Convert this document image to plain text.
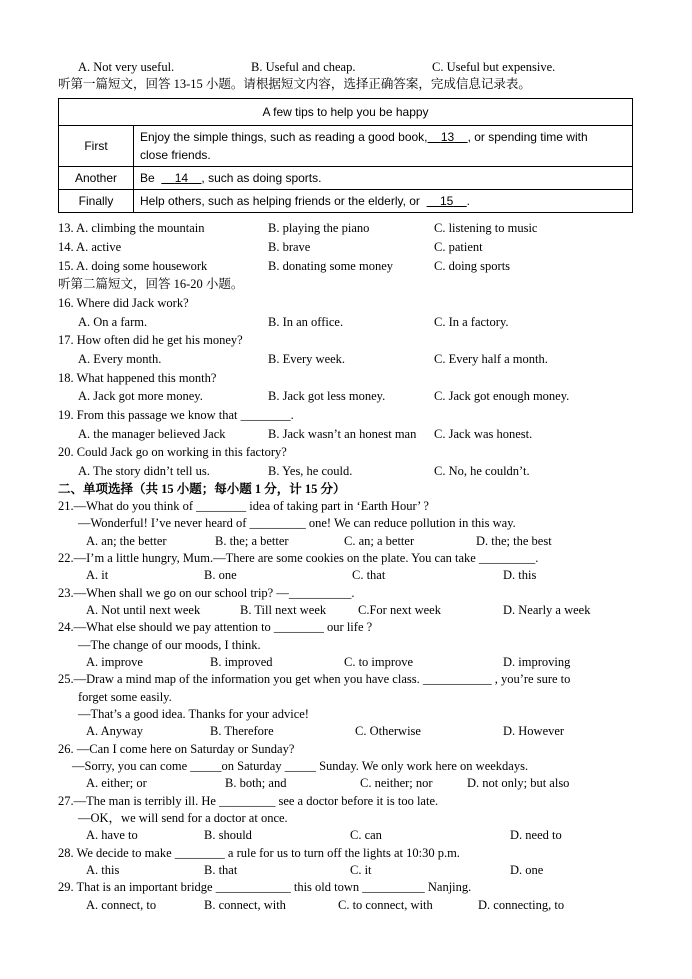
A. Not very useful.	B. Useful and cheap.	C. Useful but expensive.
听第一篇短文，回答 13-15 小题。请根据短文内容，选择正确答案，完成信息记录表。
A few tips to help you be happy	
First	Enjoy the simple things, such as reading a good book, 13 , or spending time with
close friends.
Another	Be 14 , such as doing sports.
Finally	Help others, such as helping friends or the elderly, or 15 .
13. A. climbing the mountain	B. playing the piano	C. listening to music
14. A. active	B. brave	C. patient
15. A. doing some housework	B. donating some money	C. doing sports
听第二篇短文，回答 16-20 小题。
16. Where did Jack work?
A. On a farm.	B. In an office.	C. In a factory.
17. How often did he get his money?
A. Every month.	B. Every week.	C. Every half a month.
18. What happened this month?
A. Jack got more money.	B. Jack got less money.	C. Jack got enough money.
19. From this passage we know that ________.
A. the manager believed Jack	B. Jack wasn’t an honest man C. Jack was honest.
20. Could Jack go on working in this factory?
A. The story didn’t tell us.	B. Yes, he could.	C. No, he couldn’t.
二、单项选择（共 15 小题；每小题 1 分，计 15 分）
21.—What do you think of ________ idea of taking part in ‘Earth Hour’ ?
—Wonderful! I’ve never heard of _________ one! We can reduce pollution in this way.
A. an; the better	B. the; a better	C. an; a better	D. the; the best
22.—I’m a little hungry, Mum.—There are some cookies on the plate. You can take _________.
A. it	B. one	C. that	D. this
23.—When shall we go on our school trip? —__________.
A. Not until next week	B. Till next week	C.For next week	D. Nearly a week
24.—What else should we pay attention to ________ our life ?
—The change of our moods, I think.
A. improve	B. improved	C. to improve	D. improving
25.—Draw a mind map of the information you get when you have class. ___________ , you’re sure to
forget some easily.
—That’s a good idea. Thanks for your advice!
A. Anyway	B. Therefore	C. Otherwise	D. However
26. —Can I come here on Saturday or Sunday?
—Sorry, you can come _____on Saturday _____ Sunday. We only work here on weekdays.
A. either; or	B. both; and	C. neither; nor	D. not only; but also
27.—The man is terribly ill. He _________ see a doctor before it is too late.
—OK，we will send for a doctor at once.
A. have to	B. should	C. can	D. need to
28. We decide to make ________ a rule for us to turn off the lights at 10:30 p.m.
A. this	B. that	C. it	D. one
29. That is an important bridge ____________ this old town __________ Nanjing.
A. connect, to	B. connect, with	C. to connect, with	D. connecting, to
